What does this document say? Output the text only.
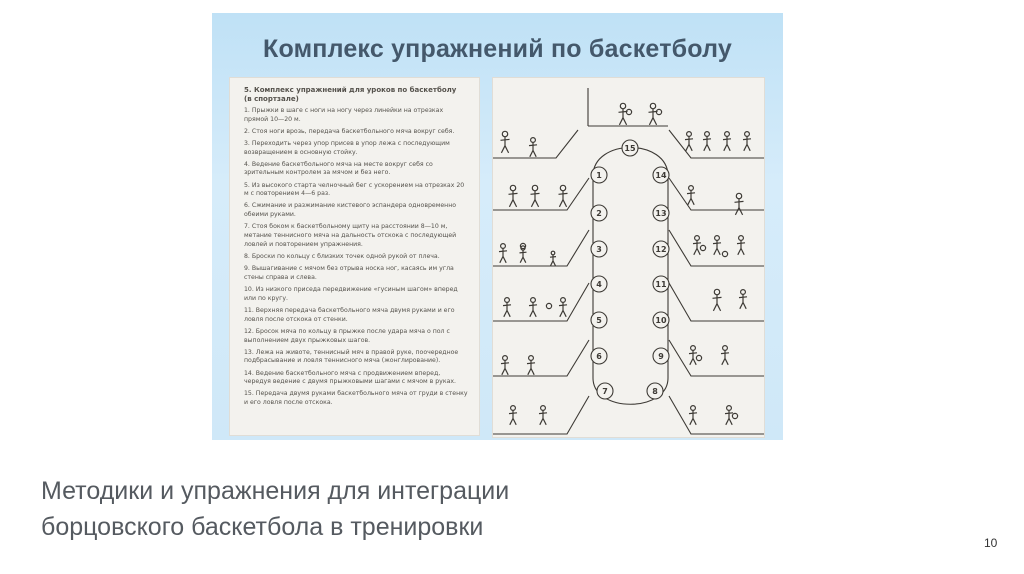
Комплекс упражнений по баскетболу
5. Комплекс упражнений для уроков по баскетболу
(в спортзале)
1. Прыжки в шаге с ноги на ногу через линейки на отрезках прямой 10—20 м.
2. Стоя ноги врозь, передача баскетбольного мяча вокруг себя.
3. Переходить через упор присев в упор лежа с последующим возвращением в основную стойку.
4. Ведение баскетбольного мяча на месте вокруг себя со зрительным контролем за мячом и без него.
5. Из высокого старта челночный бег с ускорением на отрезках 20 м с повторением 4—6 раз.
6. Сжимание и разжимание кистевого эспандера одновременно обеими руками.
7. Стоя боком к баскетбольному щиту на расстоянии 8—10 м, метание теннисного мяча на дальность отскока с последующей ловлей и повторением упражнения.
8. Броски по кольцу с близких точек одной рукой от плеча.
9. Вышагивание с мячом без отрыва носка ног, касаясь им угла стены справа и слева.
10. Из низкого приседа передвижение «гусиным шагом» вперед или по кругу.
11. Верхняя передача баскетбольного мяча двумя руками и его ловля после отскока от стенки.
12. Бросок мяча по кольцу в прыжке после удара мяча о пол с выполнением двух прыжковых шагов.
13. Лежа на животе, теннисный мяч в правой руке, поочередное подбрасывание и ловля теннисного мяча (жонглирование).
14. Ведение баскетбольного мяча с продвижением вперед, чередуя ведение с двумя прыжковыми шагами с мячом в руках.
15. Передача двумя руками баскетбольного мяча от груди в стенку и его ловля после отскока.
15
1	14
2	13
3	12
4	11
5	10
6	9
7	8
Методики и упражнения для интеграции
борцовского баскетбола в тренировки
10
